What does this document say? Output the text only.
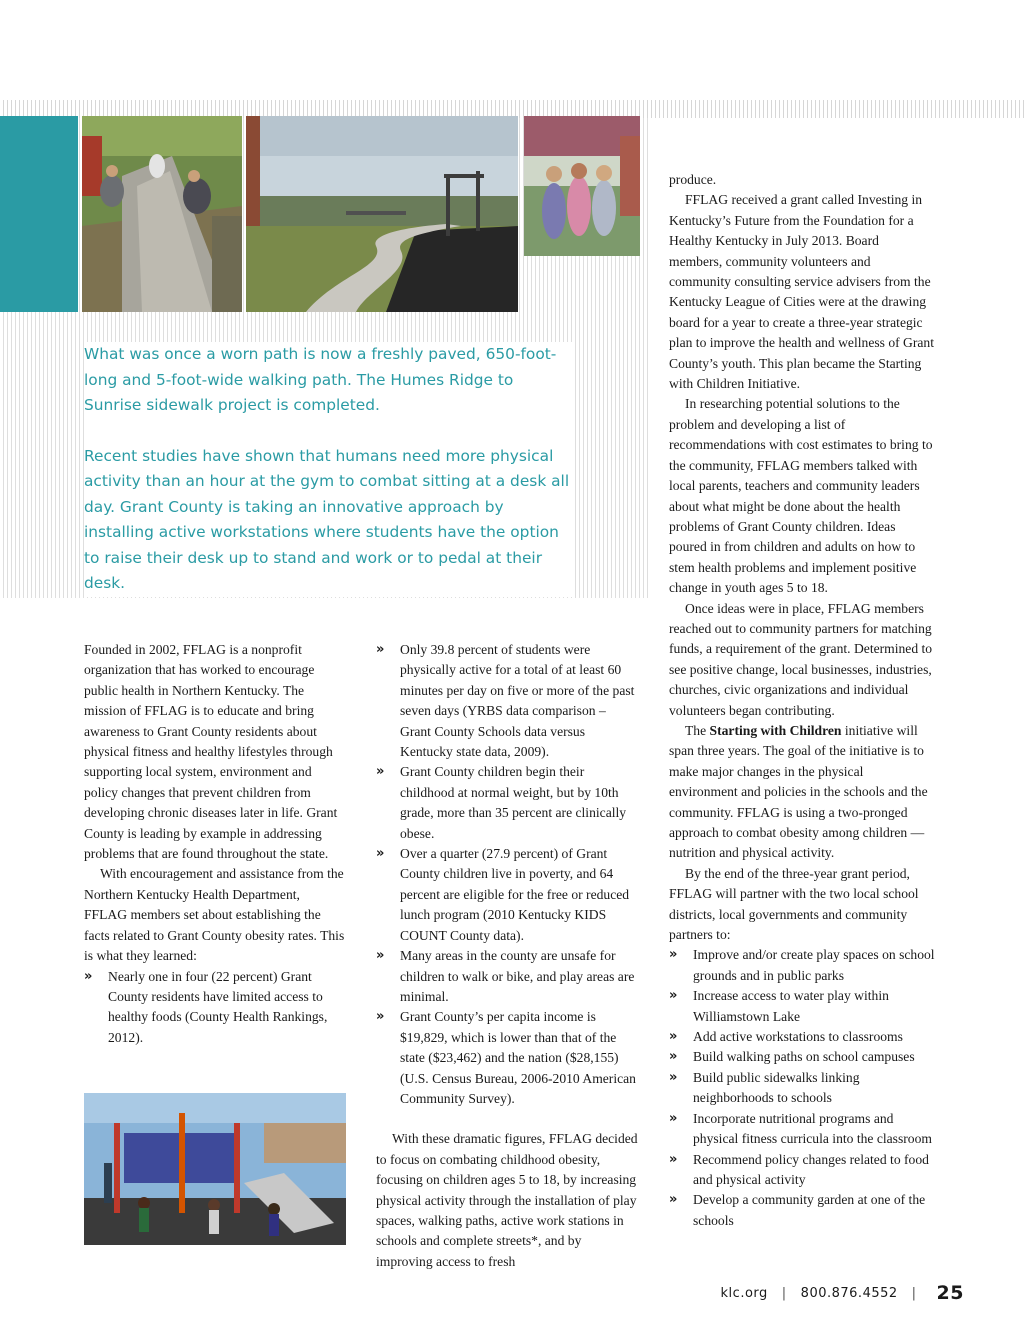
What was once a worn path is now a freshly paved, 650-foot-long and 5-foot-wide walking path. The Humes Ridge to Sunrise sidewalk project is completed.

Recent studies have shown that humans need more physical activity than an hour at the gym to combat sitting at a desk all day. Grant County is taking an innovative approach by installing active workstations where students have the option to raise their desk up to stand and work or to pedal at their desk.

Founded in 2002, FFLAG is a nonprofit organization that has worked to encourage public health in Northern Kentucky. The mission of FFLAG is to educate and bring awareness to Grant County residents about physical fitness and healthy lifestyles through supporting local system, environment and policy changes that prevent children from developing chronic diseases later in life. Grant County is leading by example in addressing problems that are found throughout the state.

With encouragement and assistance from the Northern Kentucky Health Department, FFLAG members set about establishing the facts related to Grant County obesity rates. This is what they learned:

» Nearly one in four (22 percent) Grant County residents have limited access to healthy foods (County Health Rankings, 2012).
» Only 39.8 percent of students were physically active for a total of at least 60 minutes per day on five or more of the past seven days (YRBS data comparison – Grant County Schools data versus Kentucky state data, 2009).
» Grant County children begin their childhood at normal weight, but by 10th grade, more than 35 percent are clinically obese.
» Over a quarter (27.9 percent) of Grant County children live in poverty, and 64 percent are eligible for the free or reduced lunch program (2010 Kentucky KIDS COUNT County data).
» Many areas in the county are unsafe for children to walk or bike, and play areas are minimal.
» Grant County’s per capita income is $19,829, which is lower than that of the state ($23,462) and the nation ($28,155) (U.S. Census Bureau, 2006-2010 American Community Survey).

With these dramatic figures, FFLAG decided to focus on combating childhood obesity, focusing on children ages 5 to 18, by increasing physical activity through the installation of play spaces, walking paths, active work stations in schools and complete streets*, and by improving access to fresh

produce.

FFLAG received a grant called Investing in Kentucky’s Future from the Foundation for a Healthy Kentucky in July 2013. Board members, community volunteers and community consulting service advisers from the Kentucky League of Cities were at the drawing board for a year to create a three-year strategic plan to improve the health and wellness of Grant County’s youth. This plan became the Starting with Children Initiative.

In researching potential solutions to the problem and developing a list of recommendations with cost estimates to bring to the community, FFLAG members talked with local parents, teachers and community leaders about what might be done about the health problems of Grant County children. Ideas poured in from children and adults on how to stem health problems and implement positive change in youth ages 5 to 18.

Once ideas were in place, FFLAG members reached out to community partners for matching funds, a requirement of the grant. Determined to see positive change, local businesses, industries, churches, civic organizations and individual volunteers began contributing.

The Starting with Children initiative will span three years. The goal of the initiative is to make major changes in the physical environment and policies in the schools and the community. FFLAG is using a two-pronged approach to combat obesity among children — nutrition and physical activity.

By the end of the three-year grant period, FFLAG will partner with the two local school districts, local governments and community partners to:

» Improve and/or create play spaces on school grounds and in public parks
» Increase access to water play within Williamstown Lake
» Add active workstations to classrooms
» Build walking paths on school campuses
» Build public sidewalks linking neighborhoods to schools
» Incorporate nutritional programs and physical fitness curricula into the classroom
» Recommend policy changes related to food and physical activity
» Develop a community garden at one of the schools
klc.org | 800.876.4552 | 25
